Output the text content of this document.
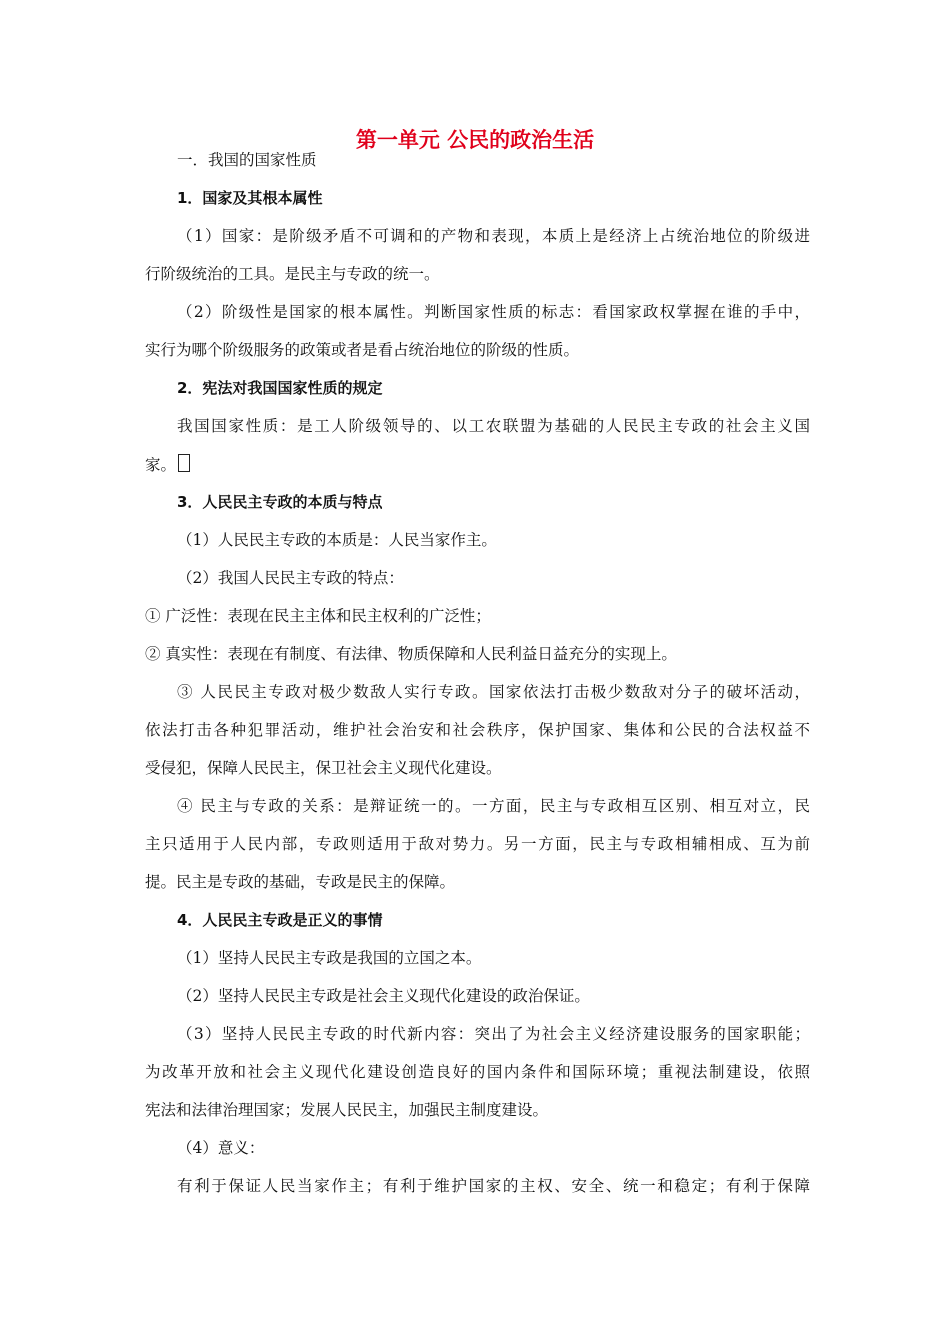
第一单元 公民的政治生活
一．我国的国家性质
1．国家及其根本属性
（1）国家：是阶级矛盾不可调和的产物和表现，本质上是经济上占统治地位的阶级进
行阶级统治的工具。是民主与专政的统一。
（2）阶级性是国家的根本属性。判断国家性质的标志：看国家政权掌握在谁的手中，
实行为哪个阶级服务的政策或者是看占统治地位的阶级的性质。
2．宪法对我国国家性质的规定
我国国家性质：是工人阶级领导的、以工农联盟为基础的人民民主专政的社会主义国
家。
3．人民民主专政的本质与特点
（1）人民民主专政的本质是：人民当家作主。
（2）我国人民民主专政的特点：
① 广泛性：表现在民主主体和民主权利的广泛性；
② 真实性：表现在有制度、有法律、物质保障和人民利益日益充分的实现上。
③ 人民民主专政对极少数敌人实行专政。国家依法打击极少数敌对分子的破坏活动，
依法打击各种犯罪活动，维护社会治安和社会秩序，保护国家、集体和公民的合法权益不
受侵犯，保障人民民主，保卫社会主义现代化建设。
④ 民主与专政的关系：是辩证统一的。一方面，民主与专政相互区别、相互对立，民
主只适用于人民内部，专政则适用于敌对势力。另一方面，民主与专政相辅相成、互为前
提。民主是专政的基础，专政是民主的保障。
4．人民民主专政是正义的事情
（1）坚持人民民主专政是我国的立国之本。
（2）坚持人民民主专政是社会主义现代化建设的政治保证。
（3）坚持人民民主专政的时代新内容：突出了为社会主义经济建设服务的国家职能；
为改革开放和社会主义现代化建设创造良好的国内条件和国际环境；重视法制建设，依照
宪法和法律治理国家；发展人民民主，加强民主制度建设。
（4）意义：
有利于保证人民当家作主；有利于维护国家的主权、安全、统一和稳定；有利于保障
